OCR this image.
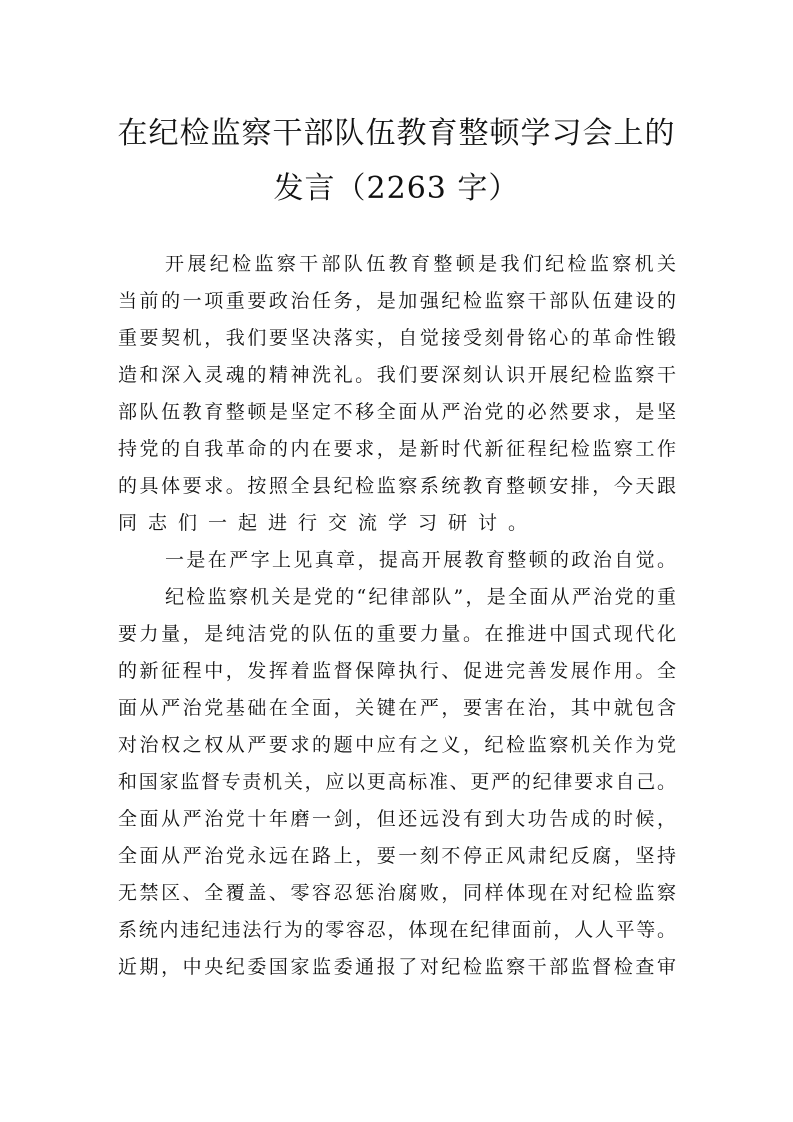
在纪检监察干部队伍教育整顿学习会上的
发言（2263 字）
开展纪检监察干部队伍教育整顿是我们纪检监察机关
当前的一项重要政治任务，是加强纪检监察干部队伍建设的
重要契机，我们要坚决落实，自觉接受刻骨铭心的革命性锻
造和深入灵魂的精神洗礼。我们要深刻认识开展纪检监察干
部队伍教育整顿是坚定不移全面从严治党的必然要求，是坚
持党的自我革命的内在要求，是新时代新征程纪检监察工作
的具体要求。按照全县纪检监察系统教育整顿安排，今天跟
同志们一起进行交流学习研讨。
一是在严字上见真章，提高开展教育整顿的政治自觉。
纪检监察机关是党的“纪律部队”，是全面从严治党的重
要力量，是纯洁党的队伍的重要力量。在推进中国式现代化
的新征程中，发挥着监督保障执行、促进完善发展作用。全
面从严治党基础在全面，关键在严，要害在治，其中就包含
对治权之权从严要求的题中应有之义，纪检监察机关作为党
和国家监督专责机关，应以更高标准、更严的纪律要求自己。
全面从严治党十年磨一剑，但还远没有到大功告成的时候，
全面从严治党永远在路上，要一刻不停正风肃纪反腐，坚持
无禁区、全覆盖、零容忍惩治腐败，同样体现在对纪检监察
系统内违纪违法行为的零容忍，体现在纪律面前，人人平等。
近期，中央纪委国家监委通报了对纪检监察干部监督检查审
